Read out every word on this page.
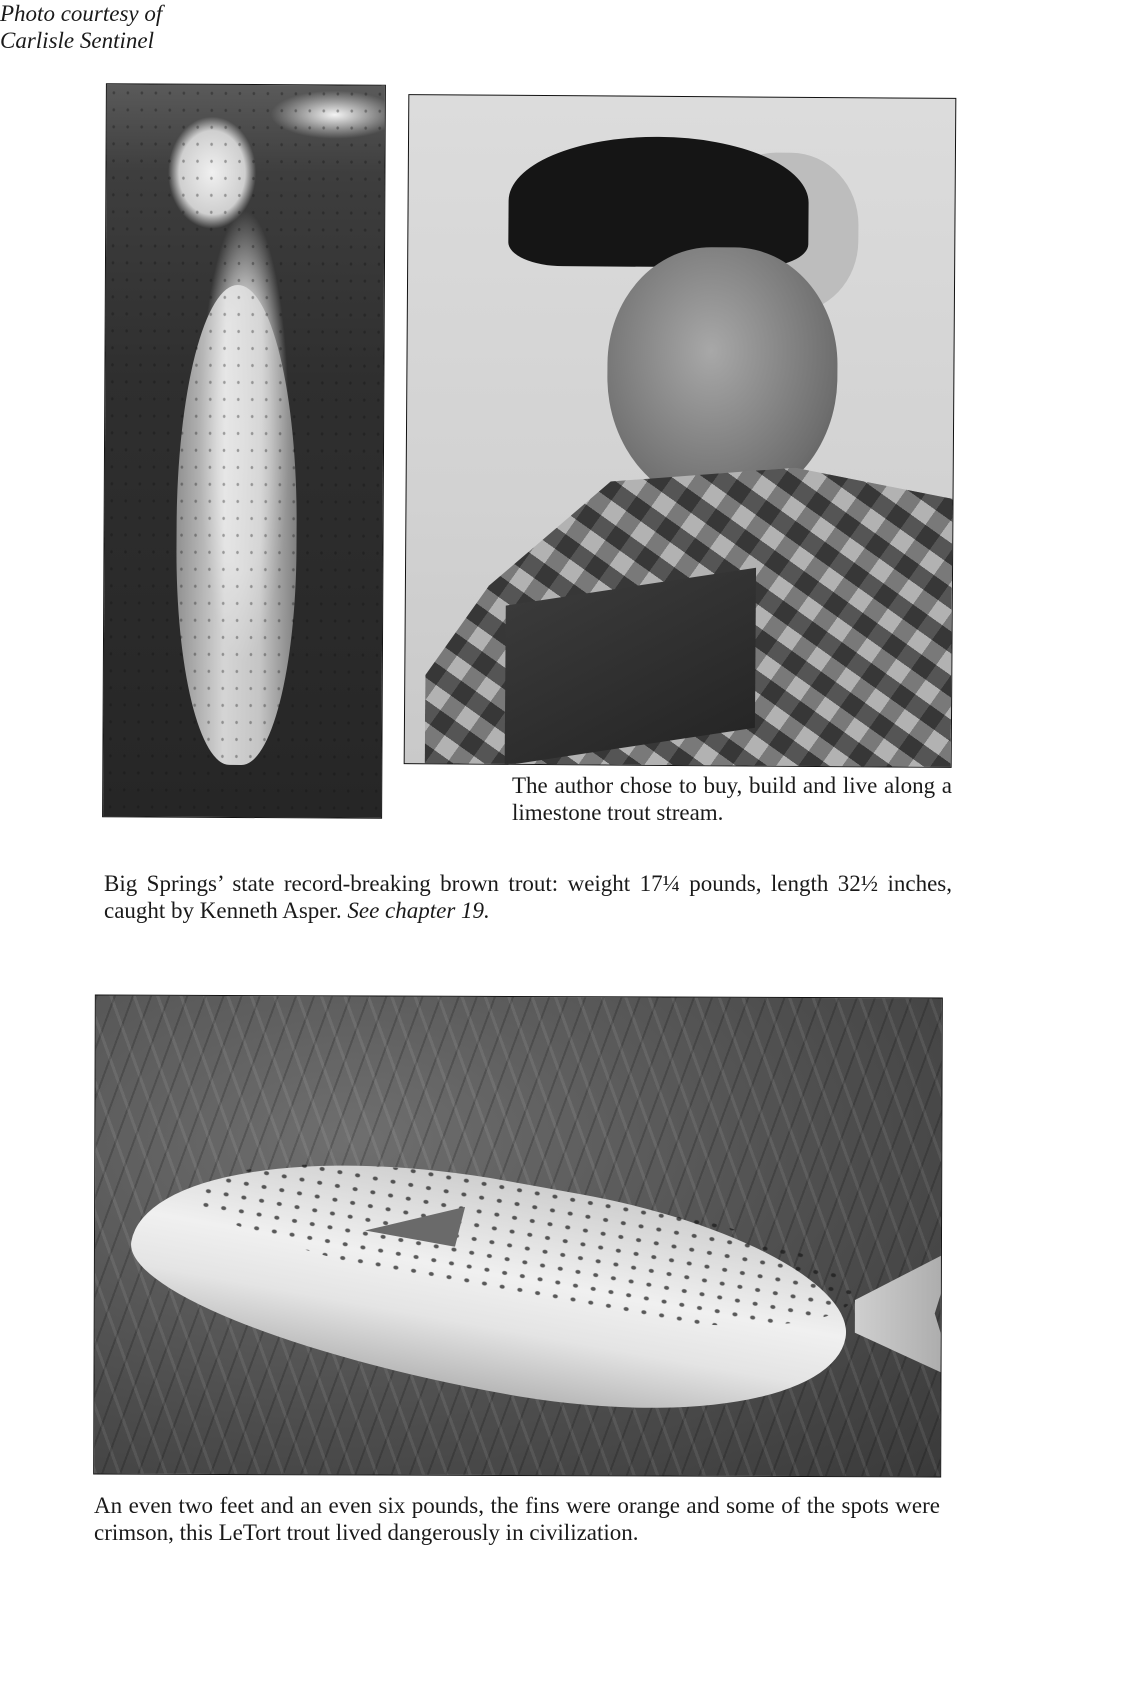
The author chose to buy, build and live along a limestone trout stream.
Photo courtesy of
Carlisle Sentinel
Big Springs’ state record-breaking brown trout: weight 17¼ pounds, length 32½ inches, caught by Kenneth Asper. See chapter 19.
An even two feet and an even six pounds, the fins were orange and some of the spots were crimson, this LeTort trout lived dangerously in civilization.
